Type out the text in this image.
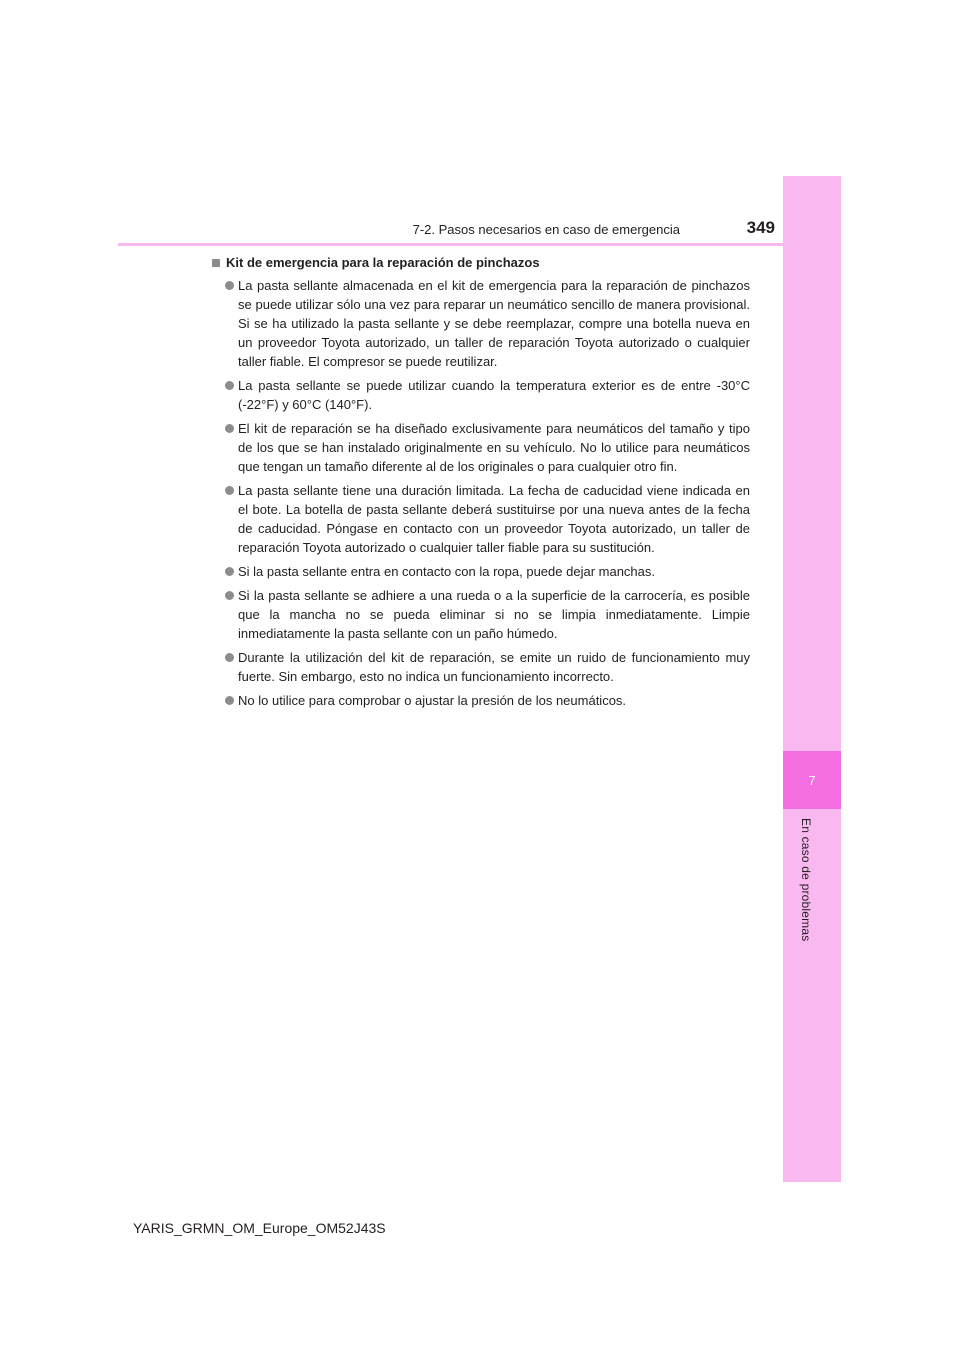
7
En caso de problemas
7-2. Pasos necesarios en caso de emergencia	349
Kit de emergencia para la reparación de pinchazos
La pasta sellante almacenada en el kit de emergencia para la reparación de pinchazos se puede utilizar sólo una vez para reparar un neumático sencillo de manera provisional. Si se ha utilizado la pasta sellante y se debe reemplazar, compre una botella nueva en un proveedor Toyota autorizado, un taller de reparación Toyota autorizado o cualquier taller fiable. El compresor se puede reutilizar.
La pasta sellante se puede utilizar cuando la temperatura exterior es de entre -30°C (-22°F) y 60°C (140°F).
El kit de reparación se ha diseñado exclusivamente para neumáticos del tamaño y tipo de los que se han instalado originalmente en su vehículo. No lo utilice para neumáticos que tengan un tamaño diferente al de los originales o para cualquier otro fin.
La pasta sellante tiene una duración limitada. La fecha de caducidad viene indicada en el bote. La botella de pasta sellante deberá sustituirse por una nueva antes de la fecha de caducidad. Póngase en contacto con un proveedor Toyota autorizado, un taller de reparación Toyota autorizado o cualquier taller fiable para su sustitución.
Si la pasta sellante entra en contacto con la ropa, puede dejar manchas.
Si la pasta sellante se adhiere a una rueda o a la superficie de la carrocería, es posible que la mancha no se pueda eliminar si no se limpia inmediatamente. Limpie inmediatamente la pasta sellante con un paño húmedo.
Durante la utilización del kit de reparación, se emite un ruido de funcionamiento muy fuerte. Sin embargo, esto no indica un funcionamiento incorrecto.
No lo utilice para comprobar o ajustar la presión de los neumáticos.
YARIS_GRMN_OM_Europe_OM52J43S
